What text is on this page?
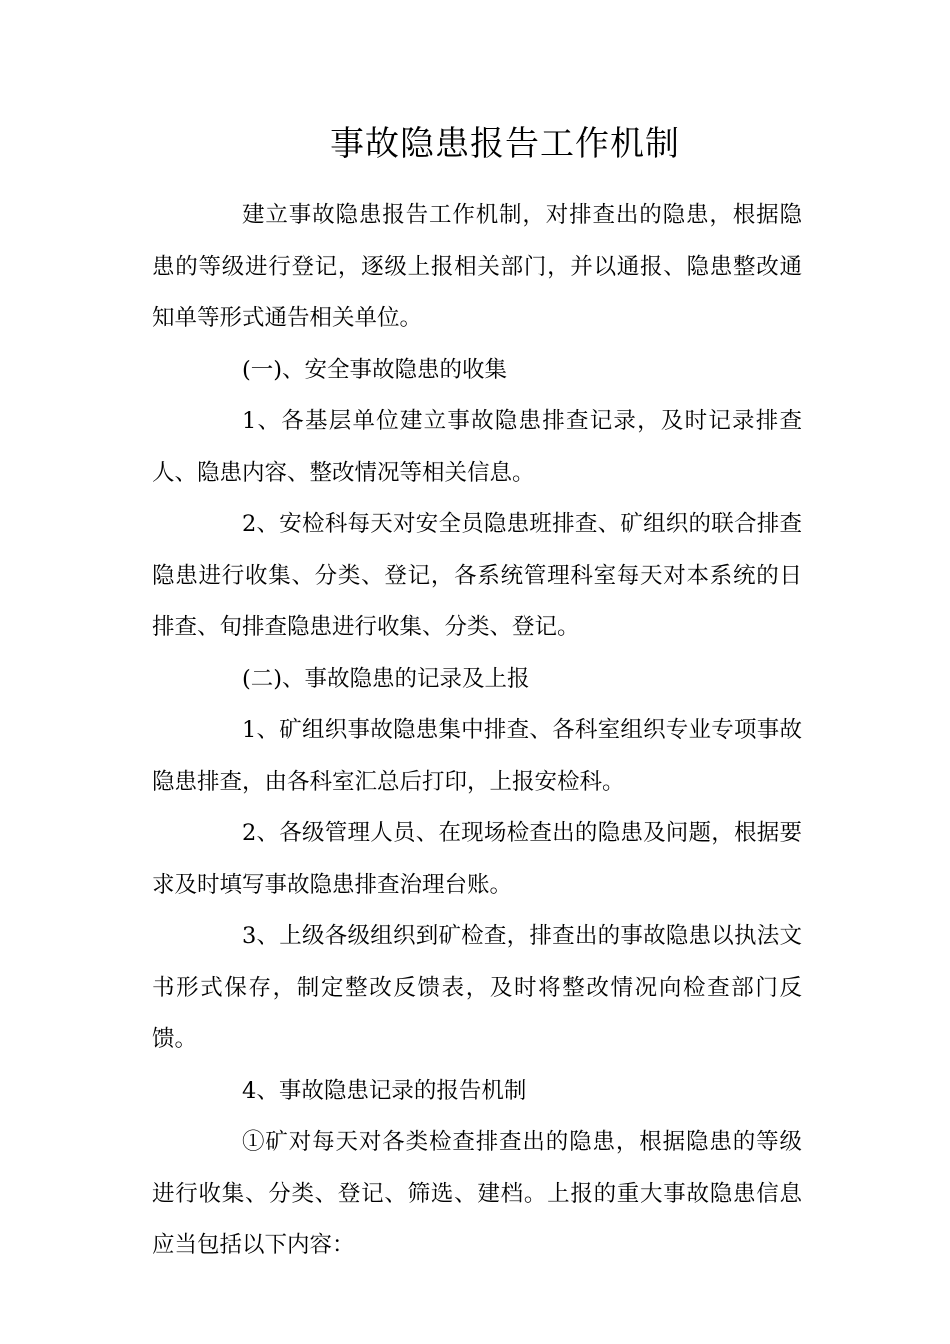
事故隐患报告工作机制

建立事故隐患报告工作机制，对排查出的隐患，根据隐患的等级进行登记，逐级上报相关部门，并以通报、隐患整改通知单等形式通告相关单位。

(一)、安全事故隐患的收集

1、各基层单位建立事故隐患排查记录，及时记录排查人、隐患内容、整改情况等相关信息。

2、安检科每天对安全员隐患班排查、矿组织的联合排查隐患进行收集、分类、登记，各系统管理科室每天对本系统的日排查、旬排查隐患进行收集、分类、登记。

(二)、事故隐患的记录及上报

1、矿组织事故隐患集中排查、各科室组织专业专项事故隐患排查，由各科室汇总后打印，上报安检科。

2、各级管理人员、在现场检查出的隐患及问题，根据要求及时填写事故隐患排查治理台账。

3、上级各级组织到矿检查，排查出的事故隐患以执法文书形式保存，制定整改反馈表，及时将整改情况向检查部门反馈。

4、事故隐患记录的报告机制

①矿对每天对各类检查排查出的隐患，根据隐患的等级进行收集、分类、登记、筛选、建档。上报的重大事故隐患信息应当包括以下内容：
